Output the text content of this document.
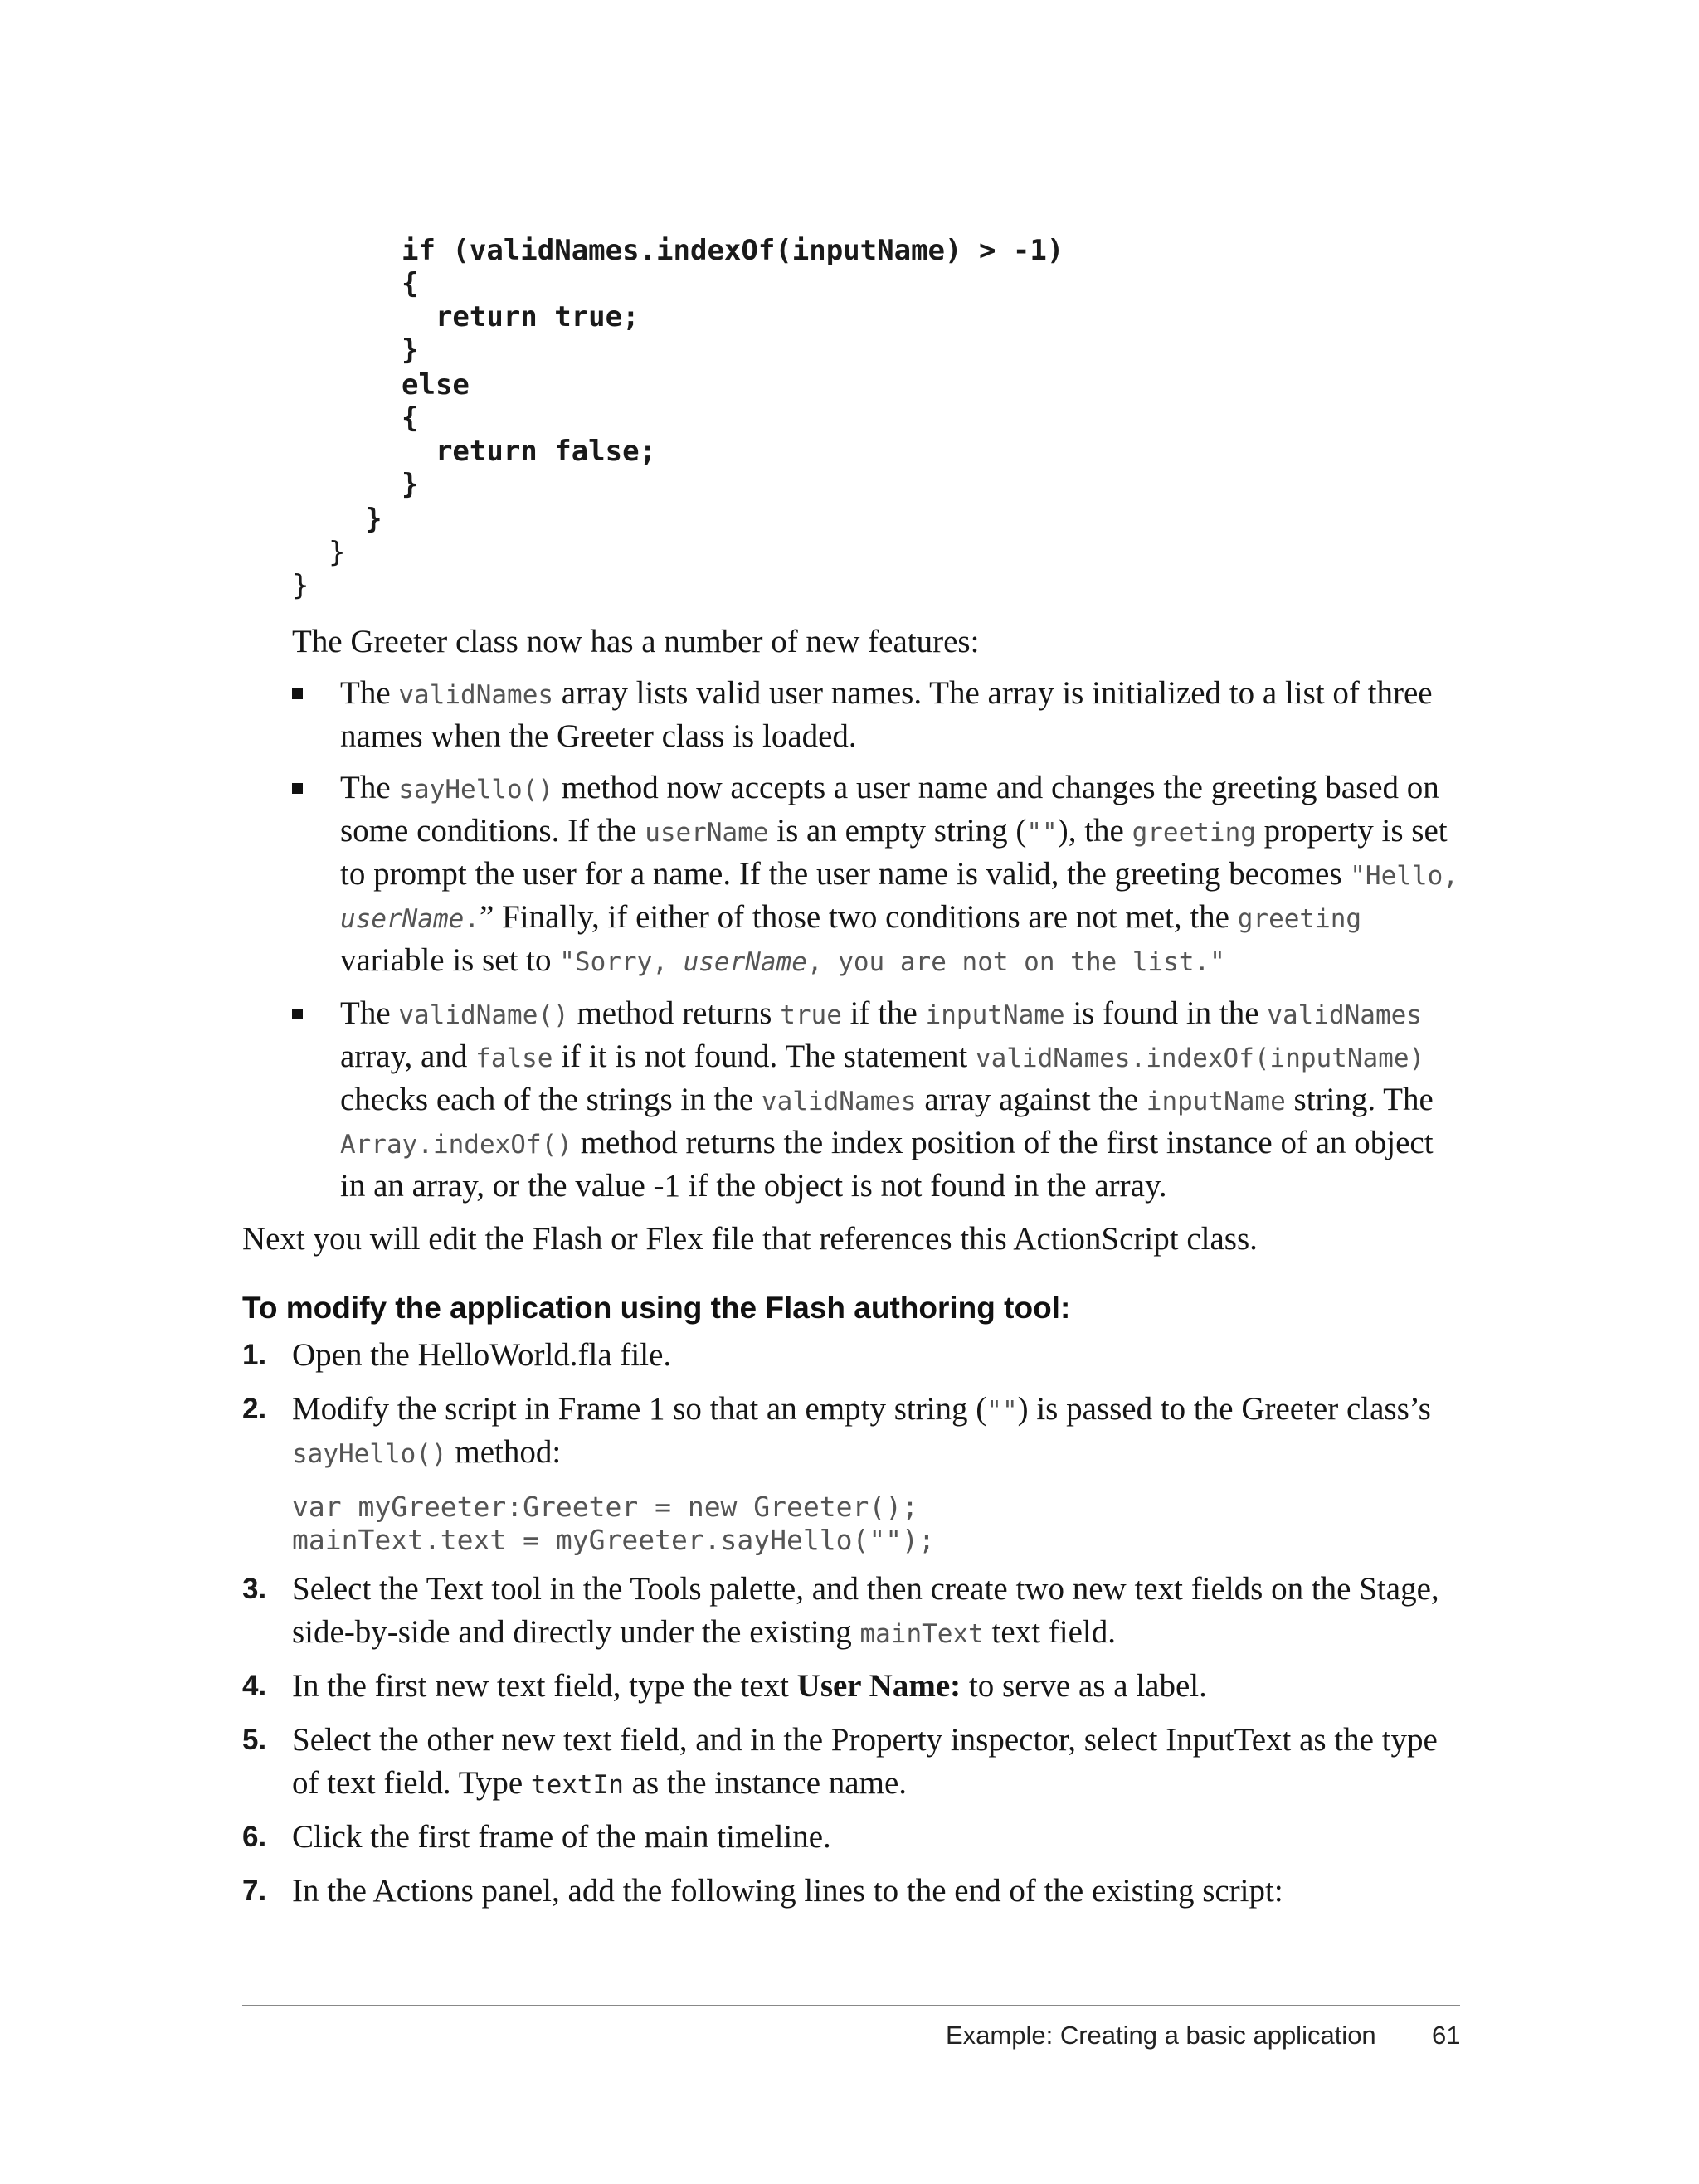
if (validNames.indexOf(inputName) > -1)
{
return true;
}
else
{
return false;
}
}
}
}
The Greeter class now has a number of new features:
The validNames array lists valid user names. The array is initialized to a list of three
names when the Greeter class is loaded.
The sayHello() method now accepts a user name and changes the greeting based on
some conditions. If the userName is an empty string (""), the greeting property is set
to prompt the user for a name. If the user name is valid, the greeting becomes "Hello,
userName.” Finally, if either of those two conditions are not met, the greeting
variable is set to "Sorry, userName, you are not on the list."
The validName() method returns true if the inputName is found in the validNames
array, and false if it is not found. The statement validNames.indexOf(inputName)
checks each of the strings in the validNames array against the inputName string. The
Array.indexOf() method returns the index position of the first instance of an object
in an array, or the value -1 if the object is not found in the array.
Next you will edit the Flash or Flex file that references this ActionScript class.
To modify the application using the Flash authoring tool:
1. Open the HelloWorld.fla file.
2. Modify the script in Frame 1 so that an empty string ("") is passed to the Greeter class’s
sayHello() method:
var myGreeter:Greeter = new Greeter();
mainText.text = myGreeter.sayHello("");
3. Select the Text tool in the Tools palette, and then create two new text fields on the Stage,
side-by-side and directly under the existing mainText text field.
4. In the first new text field, type the text User Name: to serve as a label.
5. Select the other new text field, and in the Property inspector, select InputText as the type
of text field. Type textIn as the instance name.
6. Click the first frame of the main timeline.
7. In the Actions panel, add the following lines to the end of the existing script:
Example: Creating a basic application 61
